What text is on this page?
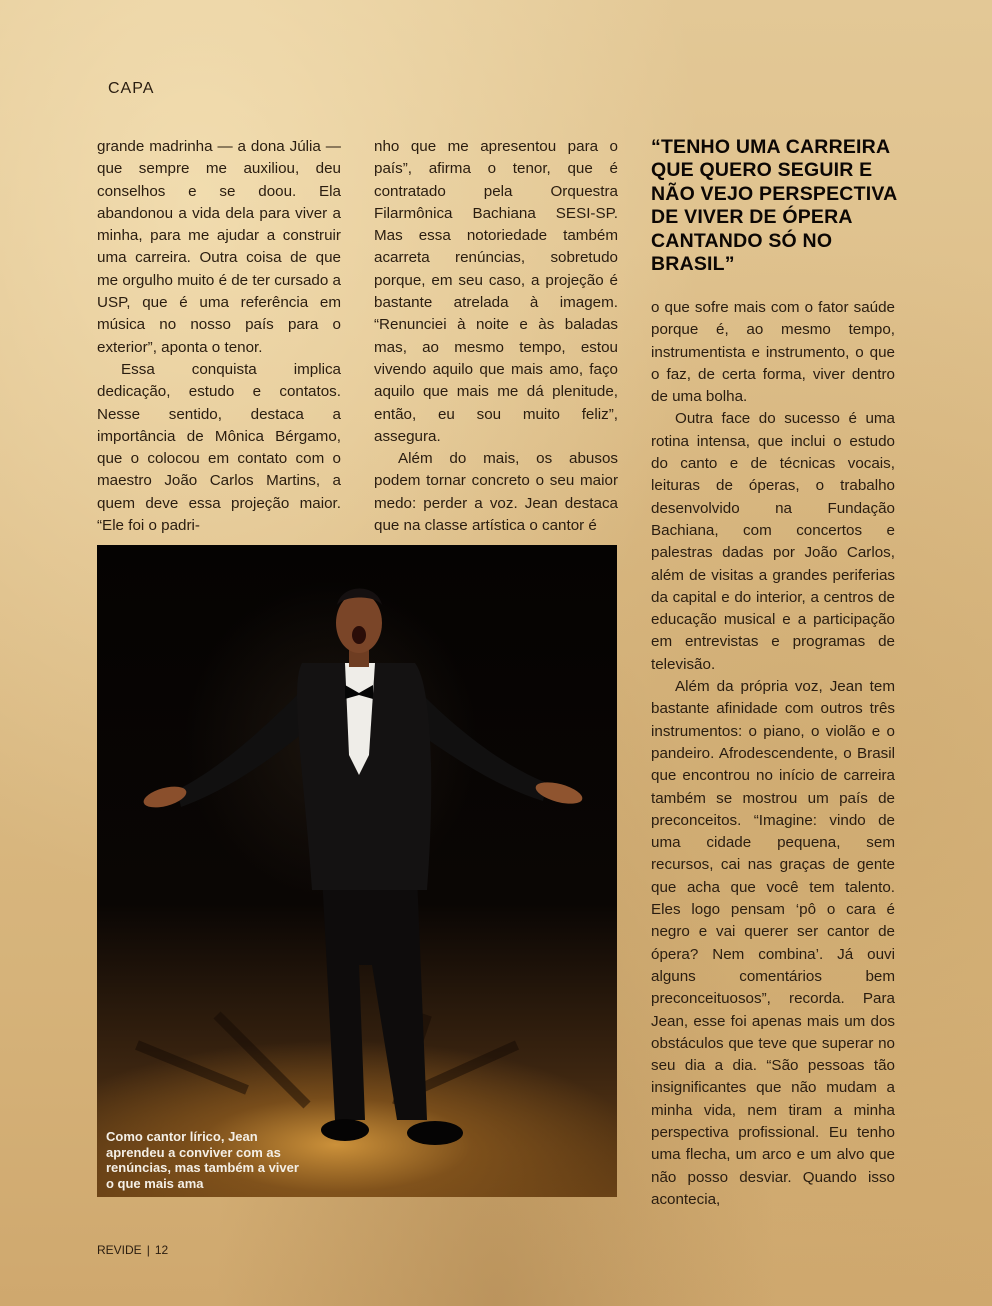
CAPA

grande madrinha — a dona Júlia — que sempre me auxiliou, deu conselhos e se doou. Ela abandonou a vida dela para viver a minha, para me ajudar a construir uma carreira. Outra coisa de que me orgulho muito é de ter cursado a USP, que é uma referência em música no nosso país para o exterior”, aponta o tenor.

Essa conquista implica dedicação, estudo e contatos. Nesse sentido, destaca a importância de Mônica Bérgamo, que o colocou em contato com o maestro João Carlos Martins, a quem deve essa projeção maior. “Ele foi o padri-

nho que me apresentou para o país”, afirma o tenor, que é contratado pela Orquestra Filarmônica Bachiana SESI-SP. Mas essa notoriedade também acarreta renúncias, sobretudo porque, em seu caso, a projeção é bastante atrelada à imagem. “Renunciei à noite e às baladas mas, ao mesmo tempo, estou vivendo aquilo que mais amo, faço aquilo que mais me dá plenitude, então, eu sou muito feliz”, assegura.

Além do mais, os abusos podem tornar concreto o seu maior medo: perder a voz. Jean destaca que na classe artística o cantor é

“TENHO UMA CARREIRA QUE QUERO SEGUIR E NÃO VEJO PERSPECTIVA DE VIVER DE ÓPERA CANTANDO SÓ NO BRASIL”

o que sofre mais com o fator saúde porque é, ao mesmo tempo, instrumentista e instrumento, o que o faz, de certa forma, viver dentro de uma bolha.

Outra face do sucesso é uma rotina intensa, que inclui o estudo do canto e de técnicas vocais, leituras de óperas, o trabalho desenvolvido na Fundação Bachiana, com concertos e palestras dadas por João Carlos, além de visitas a grandes periferias da capital e do interior, a centros de educação musical e a participação em entrevistas e programas de televisão.

Além da própria voz, Jean tem bastante afinidade com outros três instrumentos: o piano, o violão e o pandeiro. Afrodescendente, o Brasil que encontrou no início de carreira também se mostrou um país de preconceitos. “Imagine: vindo de uma cidade pequena, sem recursos, cai nas graças de gente que acha que você tem talento. Eles logo pensam ‘pô o cara é negro e vai querer ser cantor de ópera? Nem combina’. Já ouvi alguns comentários bem preconceituosos”, recorda. Para Jean, esse foi apenas mais um dos obstáculos que teve que superar no seu dia a dia. “São pessoas tão insignificantes que não mudam a minha vida, nem tiram a minha perspectiva profissional. Eu tenho uma flecha, um arco e um alvo que não posso desviar. Quando isso acontecia,

Como cantor lírico, Jean aprendeu a conviver com as renúncias, mas também a viver o que mais ama
REVIDE | 12
